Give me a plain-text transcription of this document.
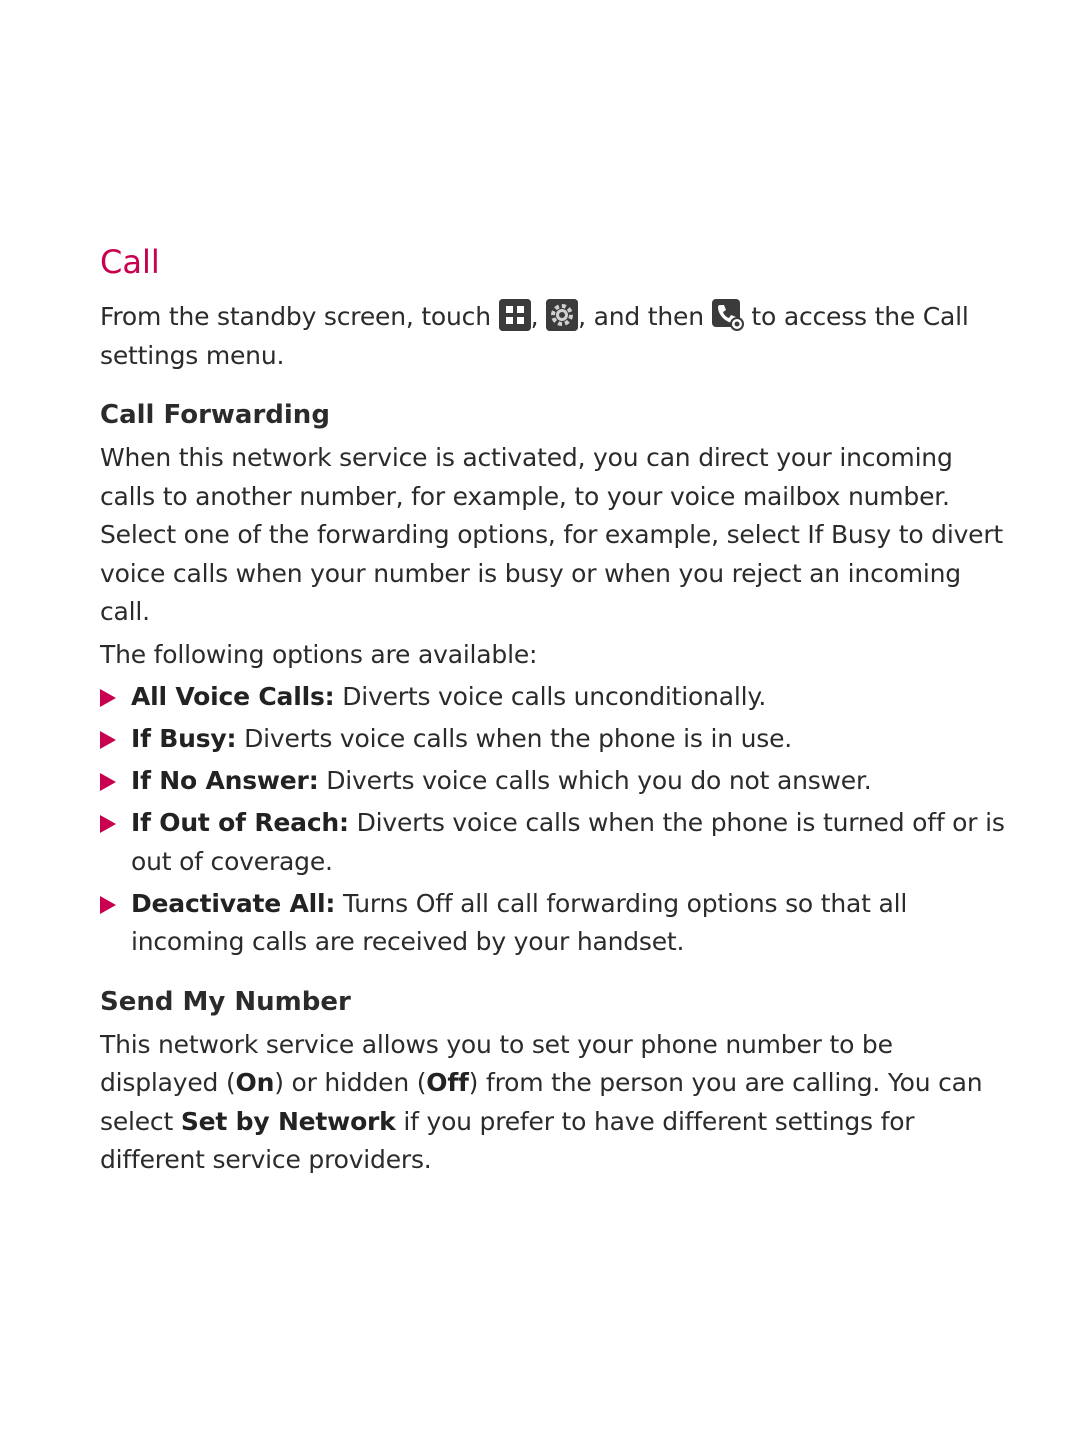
Call

From the standby screen, touch , , and then to access the Call settings menu.

Call Forwarding

When this network service is activated, you can direct your incoming calls to another number, for example, to your voice mailbox number. Select one of the forwarding options, for example, select If Busy to divert voice calls when your number is busy or when you reject an incoming call.

The following options are available:

All Voice Calls: Diverts voice calls unconditionally.
If Busy: Diverts voice calls when the phone is in use.
If No Answer: Diverts voice calls which you do not answer.
If Out of Reach: Diverts voice calls when the phone is turned off or is out of coverage.
Deactivate All: Turns Off all call forwarding options so that all incoming calls are received by your handset.
Send My Number

This network service allows you to set your phone number to be displayed (On) or hidden (Off) from the person you are calling. You can select Set by Network if you prefer to have different settings for different service providers.
